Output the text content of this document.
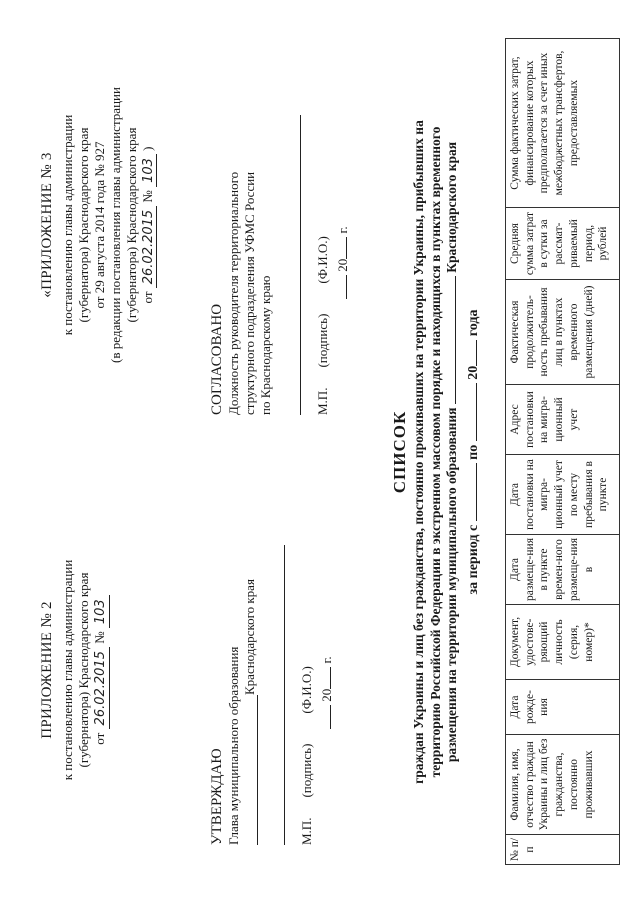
ПРИЛОЖЕНИЕ № 2 к постановлению главы администрации (губернатора) Краснодарского края от 26.02.2015 № 103
«ПРИЛОЖЕНИЕ № 3 к постановлению главы администрации (губернатора) Краснодарского края от 29 августа 2014 года № 927 (в редакции постановления главы администрации (губернатора) Краснодарского края от 26.02.2015 № 103 )
УТВЕРЖДАЮ Глава муниципального образования
Краснодарского края
М.П.
(подпись)
(Ф.И.О.) 20 г.
СОГЛАСОВАНО Должность руководителя территориального структурного подразделения УФМС России по Краснодарскому краю	М.П.
(подпись)
(Ф.И.О.) 20 г.
СПИСОК граждан Украины и лиц без гражданства, постоянно проживавших на территории Украины, прибывших на территорию Российской Федерации в экстренном массовом порядке и находящихся в пунктах временного размещения на территории муниципального образования  Краснодарского края
за период с  по  20 года
№ п/п	Фамилия, имя, отчество граждан Украины и лиц без гражданства, постоянно проживавших	Дата рожде-ния	Документ, удостове-ряющий личность (серия, номер)*	Дата размеще-ния в пункте времен-ного размеще-ния в	Дата постановки на мигра-ционный учет по месту пребывания в пункте	Адрес постановки на мигра-ционный учет	Фактическая продолжитель-ность пребывания лиц в пунктах временного размещения (дней)	Средняя сумма затрат в сутки за рассмат-риваемый период, рублей	Сумма фактических затрат, финансирование которых предполагается за счет иных межбюджетных трансфертов, предоставляемых
